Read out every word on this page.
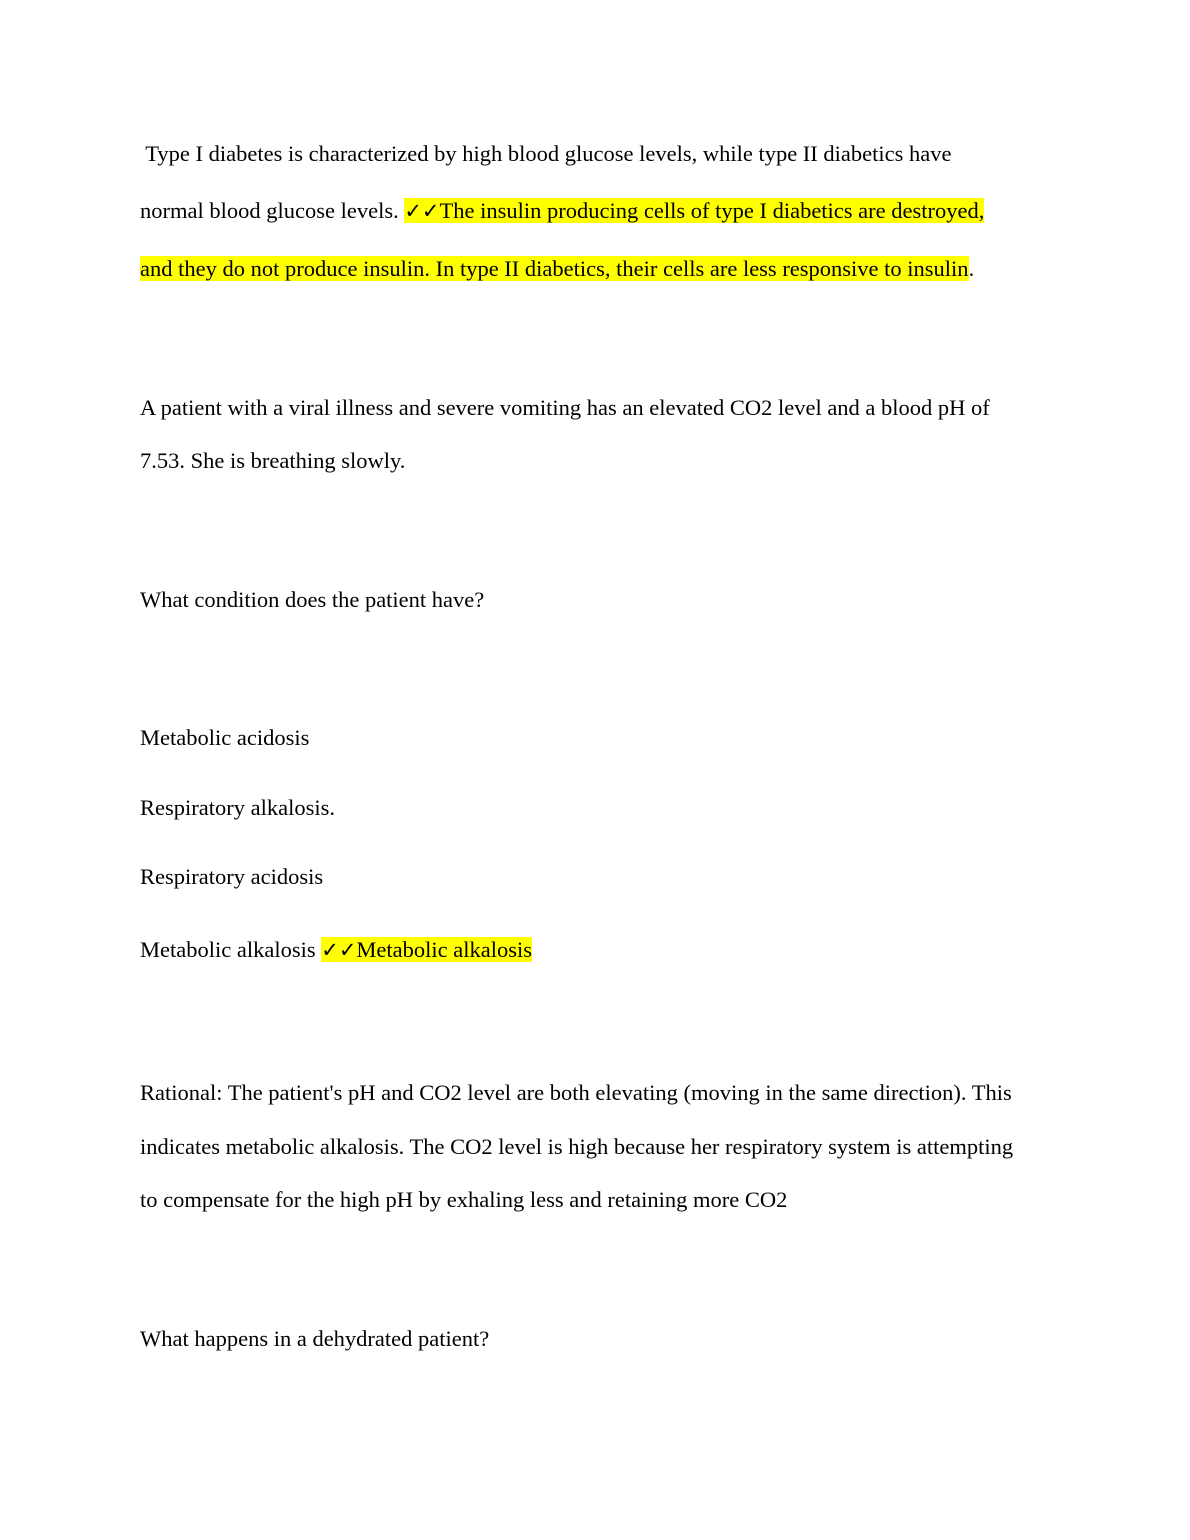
Type I diabetes is characterized by high blood glucose levels, while type II diabetics have
normal blood glucose levels. ✓✓The insulin producing cells of type I diabetics are destroyed,
and they do not produce insulin. In type II diabetics, their cells are less responsive to insulin.
A patient with a viral illness and severe vomiting has an elevated CO2 level and a blood pH of
7.53. She is breathing slowly.
What condition does the patient have?
Metabolic acidosis
Respiratory alkalosis.
Respiratory acidosis
Metabolic alkalosis ✓✓Metabolic alkalosis
Rational: The patient's pH and CO2 level are both elevating (moving in the same direction). This
indicates metabolic alkalosis. The CO2 level is high because her respiratory system is attempting
to compensate for the high pH by exhaling less and retaining more CO2
What happens in a dehydrated patient?
